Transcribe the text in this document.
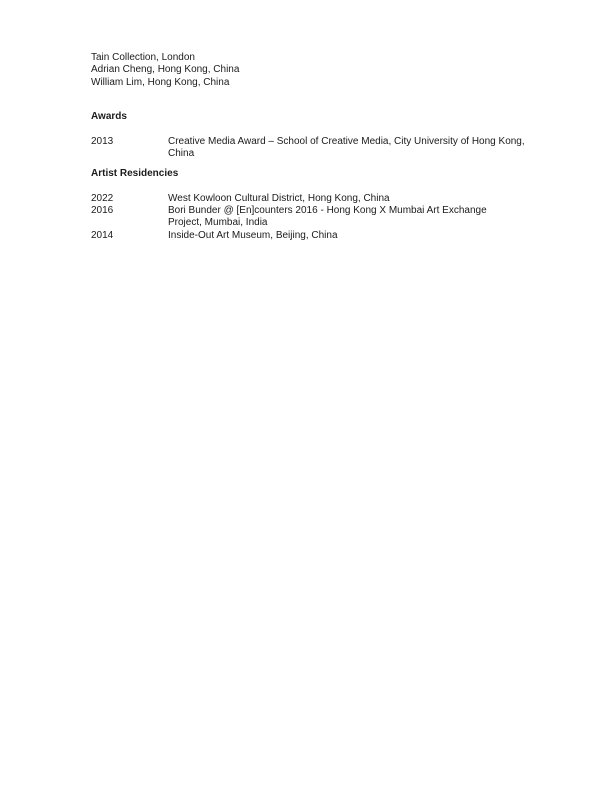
Tain Collection, London
Adrian Cheng, Hong Kong, China
William Lim, Hong Kong, China
Awards
2013	Creative Media Award – School of Creative Media, City University of Hong Kong,
China
Artist Residencies
2022	West Kowloon Cultural District, Hong Kong, China
2016	Bori Bunder @ [En]counters 2016 - Hong Kong X Mumbai Art Exchange
Project, Mumbai, India
2014	Inside-Out Art Museum, Beijing, China
